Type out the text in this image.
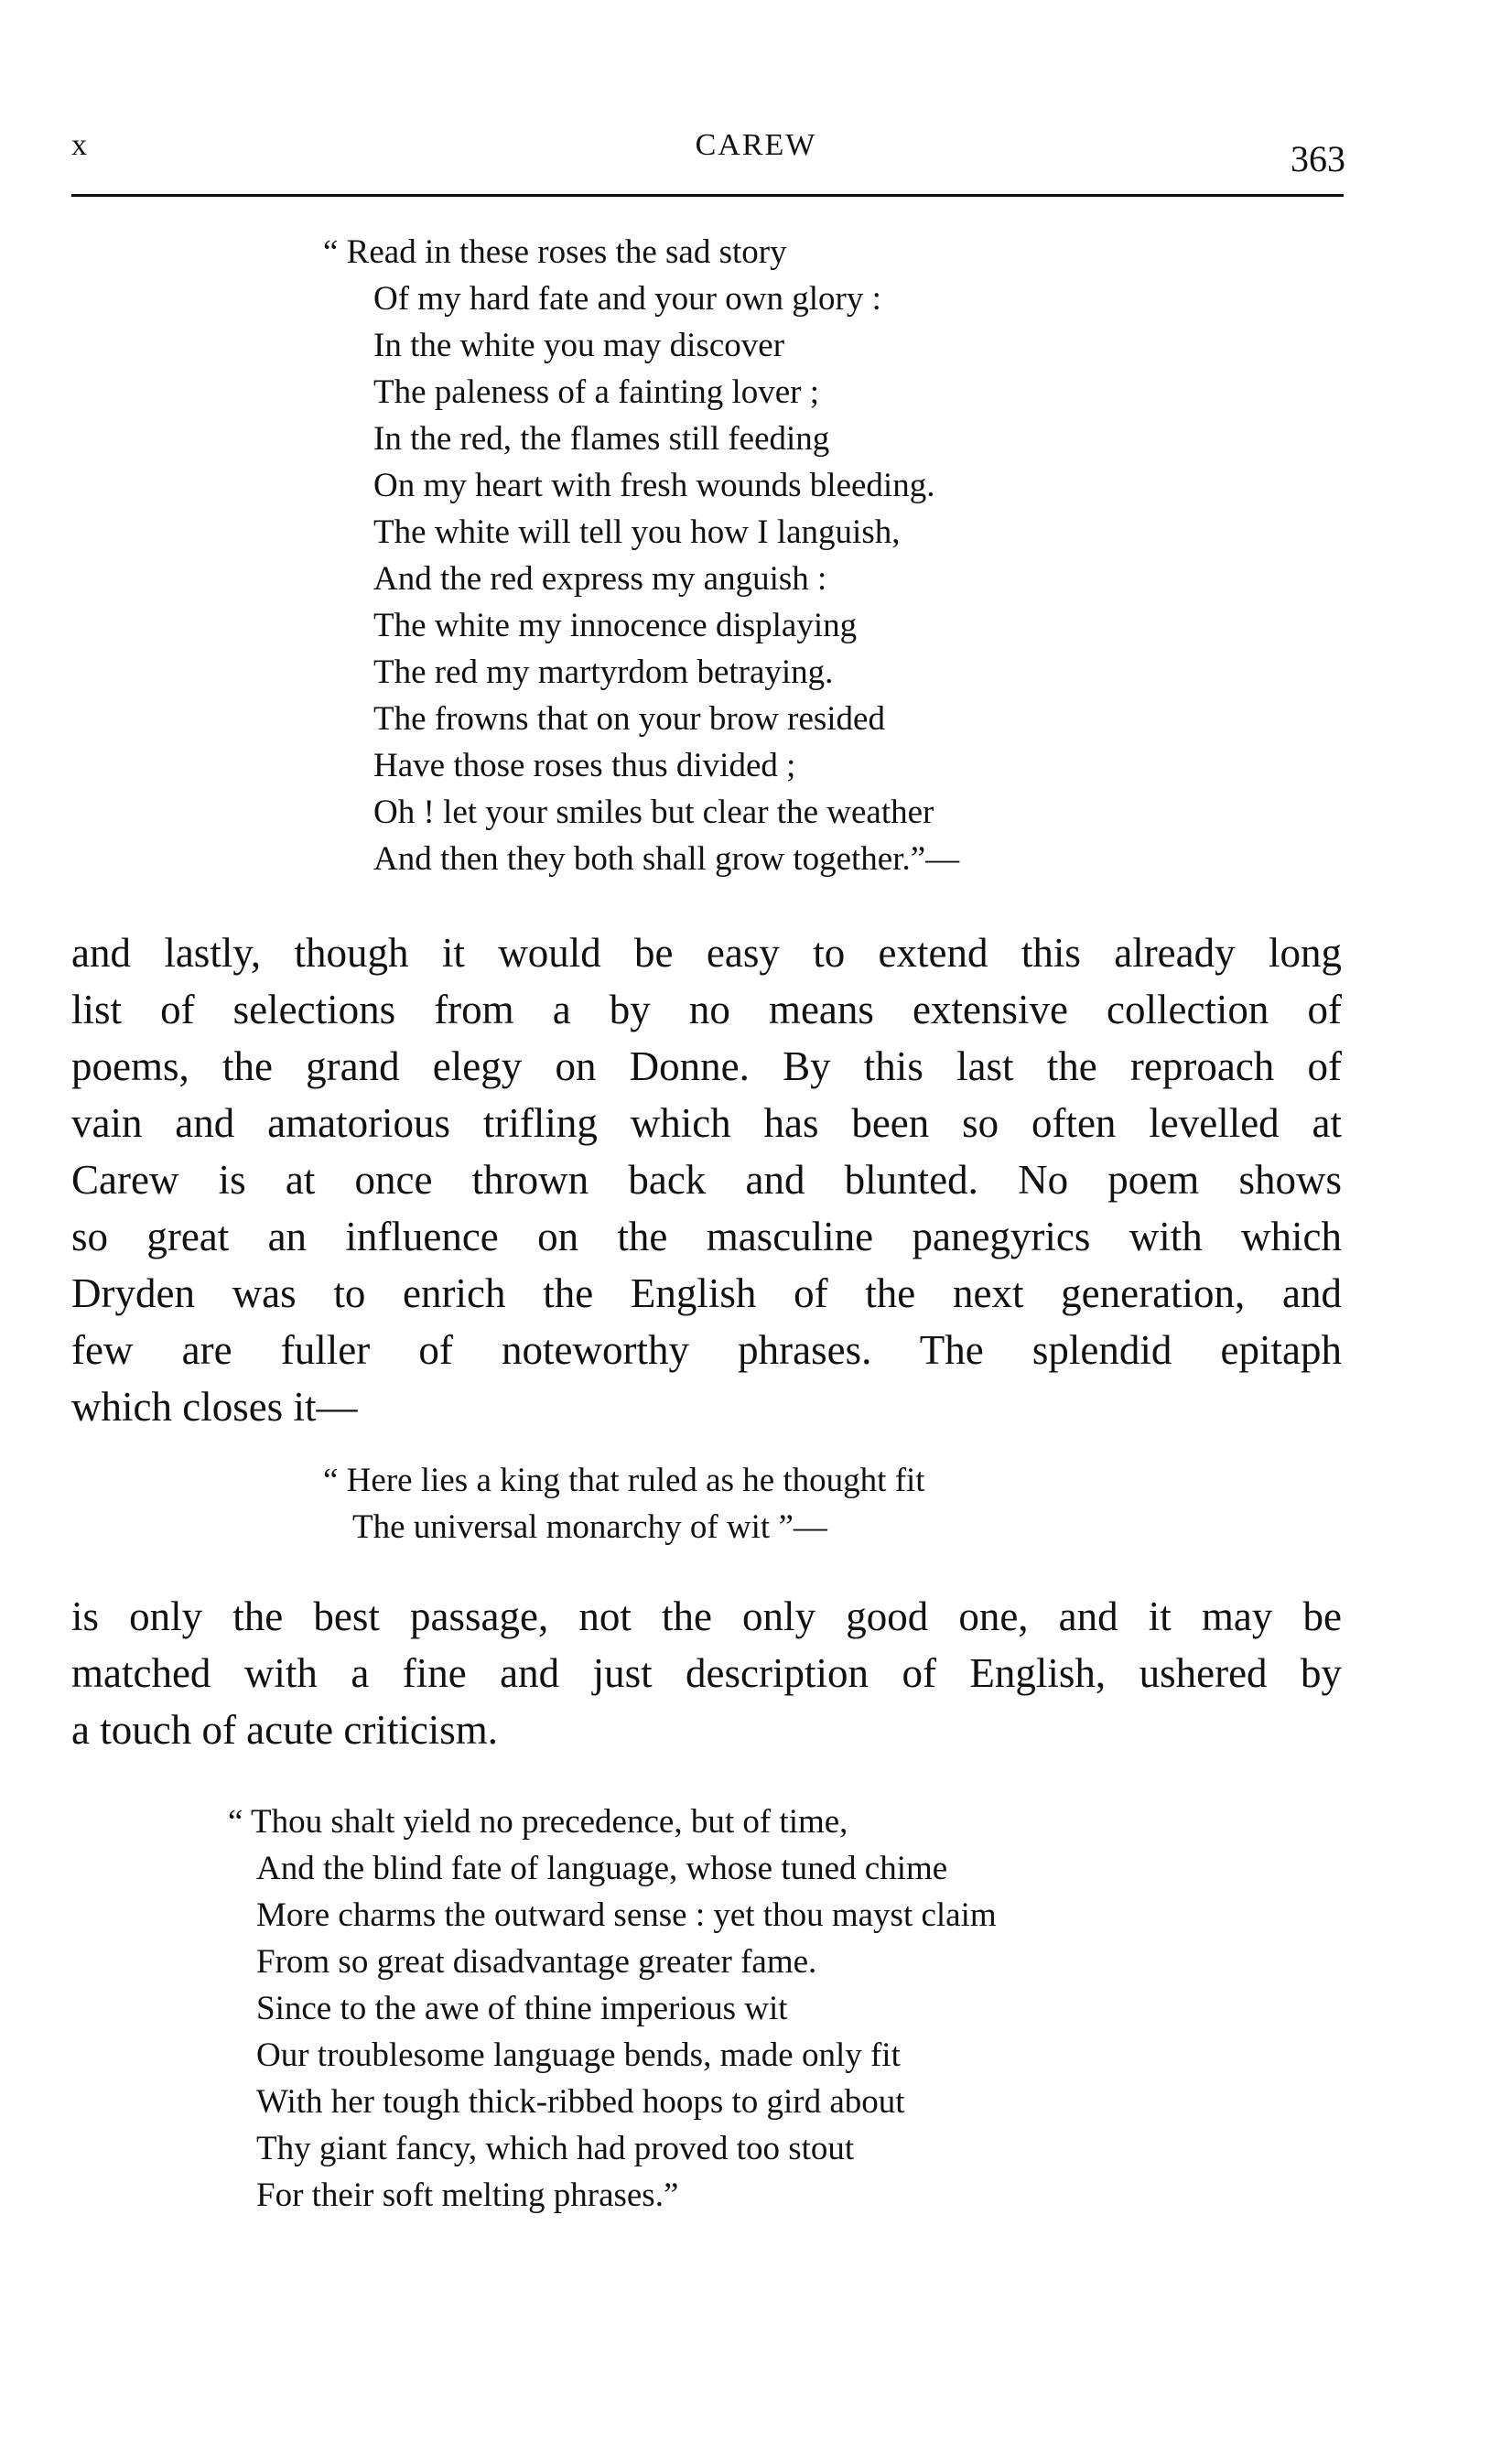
x	CAREW	363
“ Read in these roses the sad story
Of my hard fate and your own glory :
In the white you may discover
The paleness of a fainting lover ;
In the red, the flames still feeding
On my heart with fresh wounds bleeding.
The white will tell you how I languish,
And the red express my anguish :
The white my innocence displaying
The red my martyrdom betraying.
The frowns that on your brow resided
Have those roses thus divided ;
Oh ! let your smiles but clear the weather
And then they both shall grow together.”—
and lastly, though it would be easy to extend this already long
list of selections from a by no means extensive collection of
poems, the grand elegy on Donne. By this last the reproach of
vain and amatorious trifling which has been so often levelled at
Carew is at once thrown back and blunted. No poem shows
so great an influence on the masculine panegyrics with which
Dryden was to enrich the English of the next generation, and
few are fuller of noteworthy phrases. The splendid epitaph
which closes it—
“ Here lies a king that ruled as he thought fit
The universal monarchy of wit ”—
is only the best passage, not the only good one, and it may be
matched with a fine and just description of English, ushered by
a touch of acute criticism.
“ Thou shalt yield no precedence, but of time,
And the blind fate of language, whose tuned chime
More charms the outward sense : yet thou mayst claim
From so great disadvantage greater fame.
Since to the awe of thine imperious wit
Our troublesome language bends, made only fit
With her tough thick-ribbed hoops to gird about
Thy giant fancy, which had proved too stout
For their soft melting phrases.”
